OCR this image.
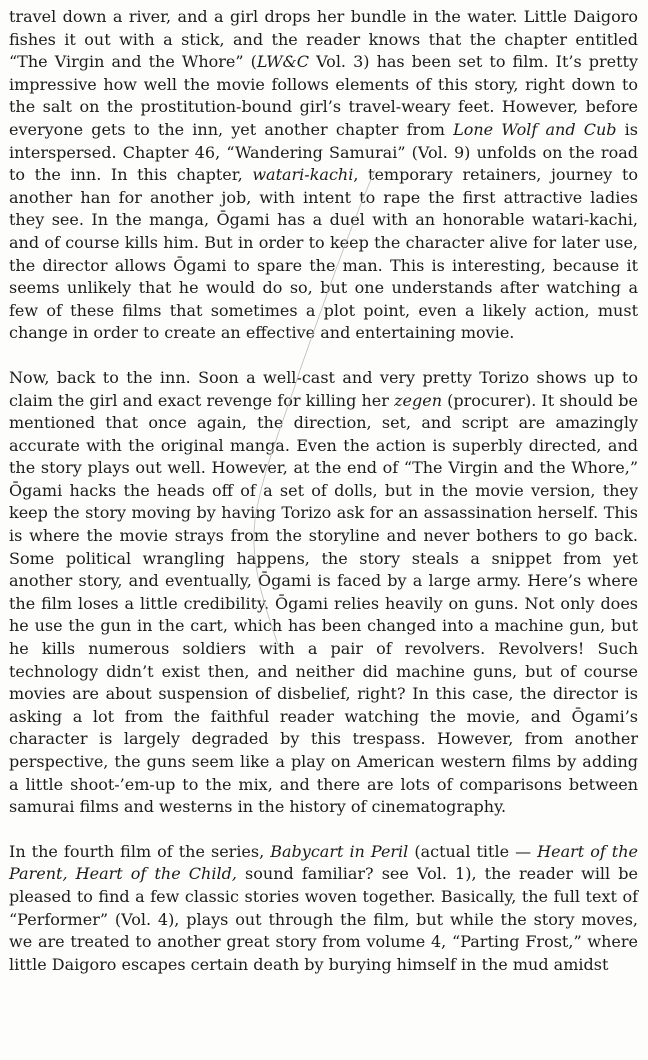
travel down a river, and a girl drops her bundle in the water. Little Daigoro fishes it out with a stick, and the reader knows that the chapter entitled “The Virgin and the Whore” (LW&C Vol. 3) has been set to film. It’s pretty impressive how well the movie follows elements of this story, right down to the salt on the prostitution-bound girl’s travel-weary feet. However, before everyone gets to the inn, yet another chapter from Lone Wolf and Cub is interspersed. Chapter 46, “Wandering Samurai” (Vol. 9) unfolds on the road to the inn. In this chapter, watari-kachi, temporary retainers, journey to another han for another job, with intent to rape the first attractive ladies they see. In the manga, Ōgami has a duel with an honorable watari-kachi, and of course kills him. But in order to keep the character alive for later use, the director allows Ōgami to spare the man. This is interesting, because it seems unlikely that he would do so, but one understands after watching a few of these films that sometimes a plot point, even a likely action, must change in order to create an effective and entertaining movie.

Now, back to the inn. Soon a well-cast and very pretty Torizo shows up to claim the girl and exact revenge for killing her zegen (procurer). It should be mentioned that once again, the direction, set, and script are amazingly accurate with the original manga. Even the action is superbly directed, and the story plays out well. However, at the end of “The Virgin and the Whore,” Ōgami hacks the heads off of a set of dolls, but in the movie version, they keep the story moving by having Torizo ask for an assassination herself. This is where the movie strays from the storyline and never bothers to go back. Some political wrangling happens, the story steals a snippet from yet another story, and eventually, Ōgami is faced by a large army. Here’s where the film loses a little credibility. Ōgami relies heavily on guns. Not only does he use the gun in the cart, which has been changed into a machine gun, but he kills numerous soldiers with a pair of revolvers. Revolvers! Such technology didn’t exist then, and neither did machine guns, but of course movies are about suspension of disbelief, right? In this case, the director is asking a lot from the faithful reader watching the movie, and Ōgami’s character is largely degraded by this trespass. However, from another perspective, the guns seem like a play on American western films by adding a little shoot-’em-up to the mix, and there are lots of comparisons between samurai films and westerns in the history of cinematography.

In the fourth film of the series, Babycart in Peril (actual title — Heart of the Parent, Heart of the Child, sound familiar? see Vol. 1), the reader will be pleased to find a few classic stories woven together. Basically, the full text of “Performer” (Vol. 4), plays out through the film, but while the story moves, we are treated to another great story from volume 4, “Parting Frost,” where little Daigoro escapes certain death by burying himself in the mud amidst
